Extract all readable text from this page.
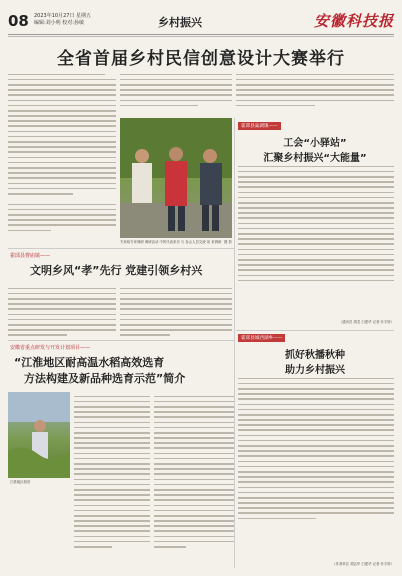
08 2023年10月27日 星期五
编辑:刘小明 校对:孙敏	乡村振兴	安徽科技报
全省首届乡村民信创意设计大赛举行
专家给专家调研 调研活动 中的代表来访 与 参会人员交流 前 来调研 摄 影
霍邱县曹庙镇——
文明乡风“孝”先行 党建引领乡村兴
安徽省重点研发与开发计划项目——
“江淮地区耐高温水稻高效选育
方法构建及新品种选育示范”简介
江淮地区稻田
霍邱县巢湖镇——
工会“小驿站”
汇聚乡村振兴“大能量”
（通讯员 胡龙 白建华 记者 付宇婷）
霍邱县城西湖乡——
抓好秋播秋种
助力乡村振兴
（作者单位 胡志华 白建华 记者 付宇婷）
